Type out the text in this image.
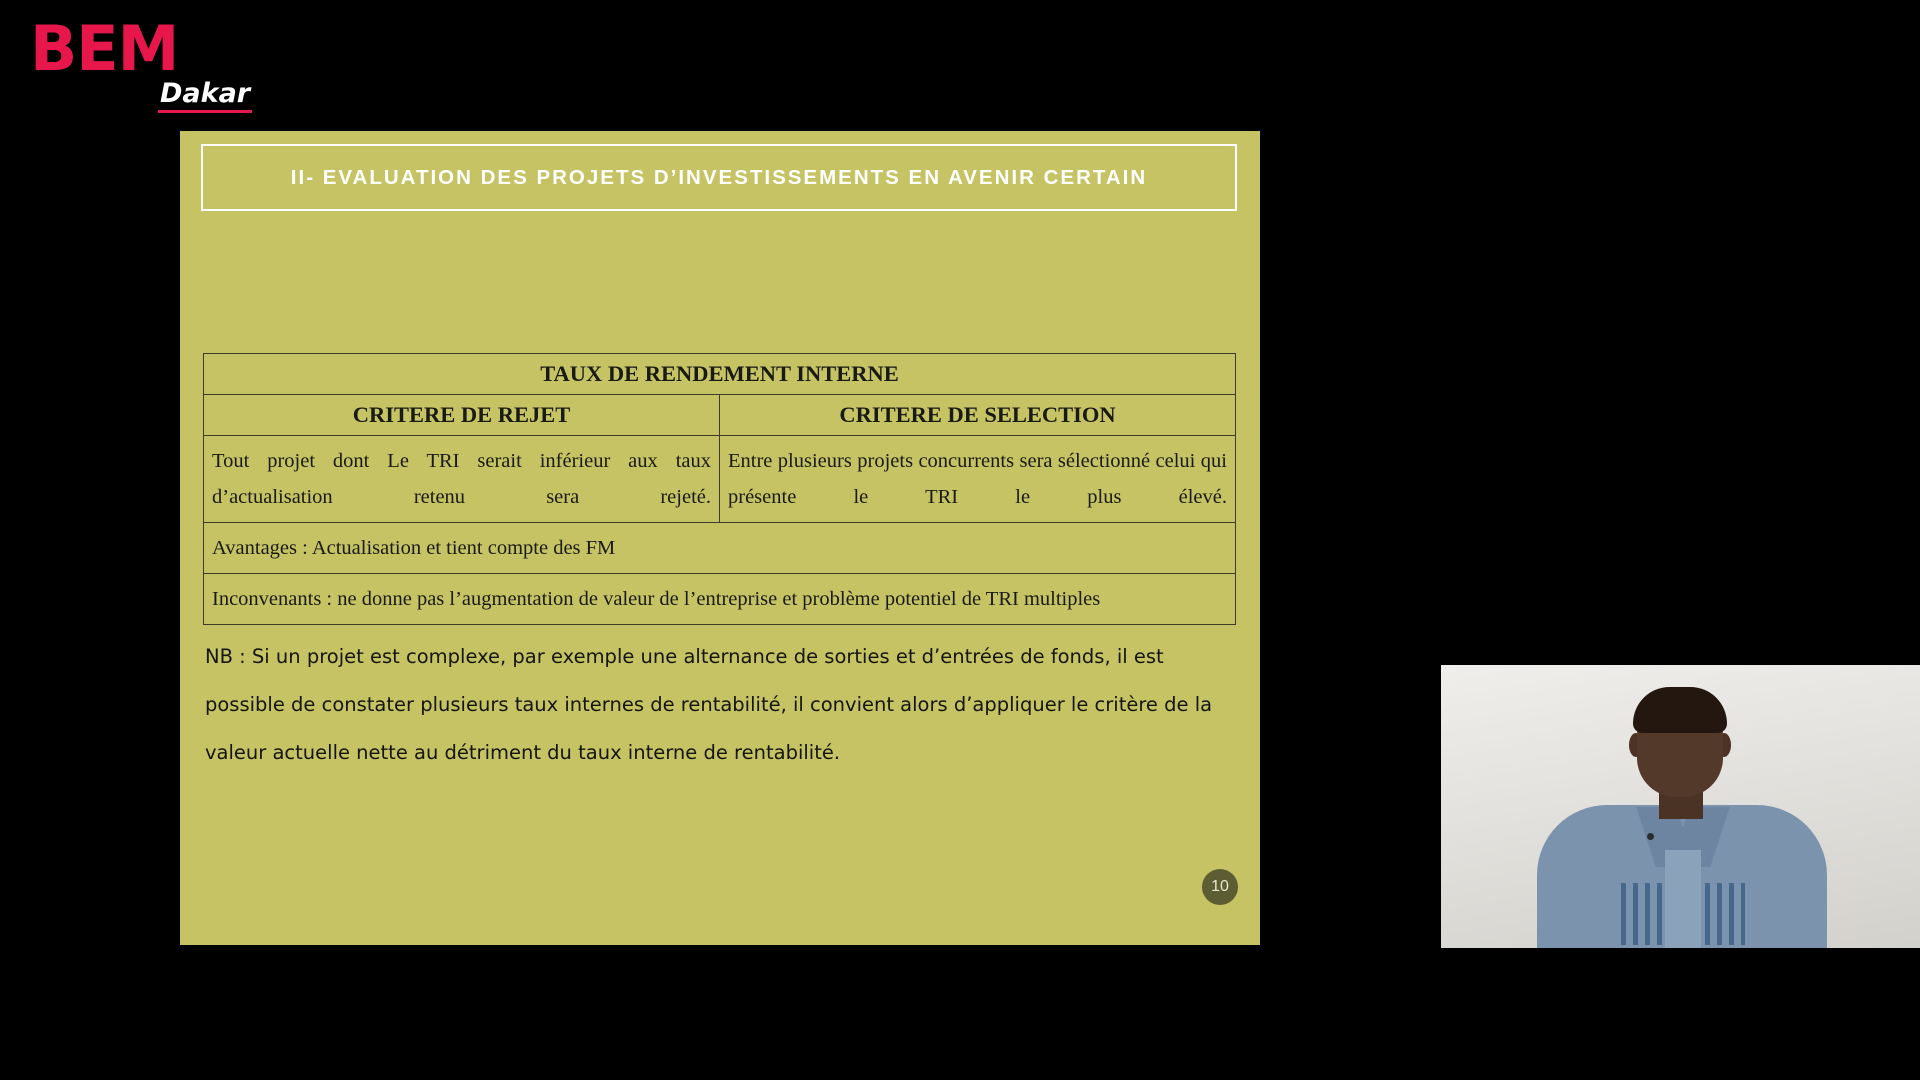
BEM
Dakar
II- EVALUATION DES PROJETS D’INVESTISSEMENTS EN AVENIR CERTAIN
TAUX DE RENDEMENT INTERNE	
CRITERE DE REJET	CRITERE DE SELECTION
Tout projet dont Le TRI serait inférieur aux taux d’actualisation retenu sera rejeté.	Entre plusieurs projets concurrents sera sélectionné celui qui présente le TRI le plus élevé.
Avantages : Actualisation et tient compte des FM	
Inconvenants : ne donne pas l’augmentation de valeur de l’entreprise et problème potentiel de TRI multiples	
NB : Si un projet est complexe, par exemple une alternance de sorties et d’entrées de fonds, il est possible de constater plusieurs taux internes de rentabilité, il convient alors d’appliquer le critère de la valeur actuelle nette au détriment du taux interne de rentabilité.
10
